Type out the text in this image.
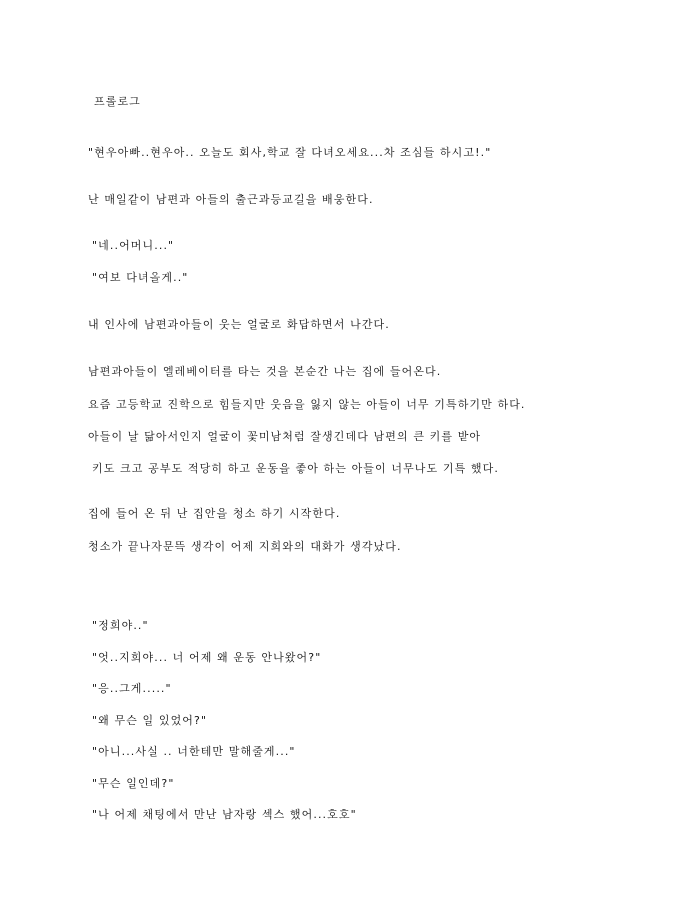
프롤로그
"현우아빠..현우아.. 오늘도 회사,학교 잘 다녀오세요...차 조심들 하시고!."
난 매일같이 남편과 아들의 출근과등교길을 배웅한다.
"네..어머니..."
"여보 다녀올게.."
내 인사에 남편과아들이 웃는 얼굴로 화답하면서 나간다.
남편과아들이 엘레베이터를 타는 것을 본순간 나는 집에 들어온다.
요즘 고등학교 진학으로 힘들지만 웃음을 잃지 않는 아들이 너무 기특하기만 하다.
아들이 날 닮아서인지 얼굴이 꽃미남처럼 잘생긴데다 남편의 큰 키를 받아
키도 크고 공부도 적당히 하고 운동을 좋아 하는 아들이 너무나도 기특 했다.
집에 들어 온 뒤 난 집안을 청소 하기 시작한다.
청소가 끝나자문뜩 생각이 어제 지희와의 대화가 생각났다.
"정희야.."
"엇..지희야... 너 어제 왜 운동 안나왔어?"
"응..그게....."
"왜 무슨 일 있었어?"
"아니...사실 .. 너한테만 말해줄게..."
"무슨 일인데?"
"나 어제 채팅에서 만난 남자랑 섹스 했어...호호"
